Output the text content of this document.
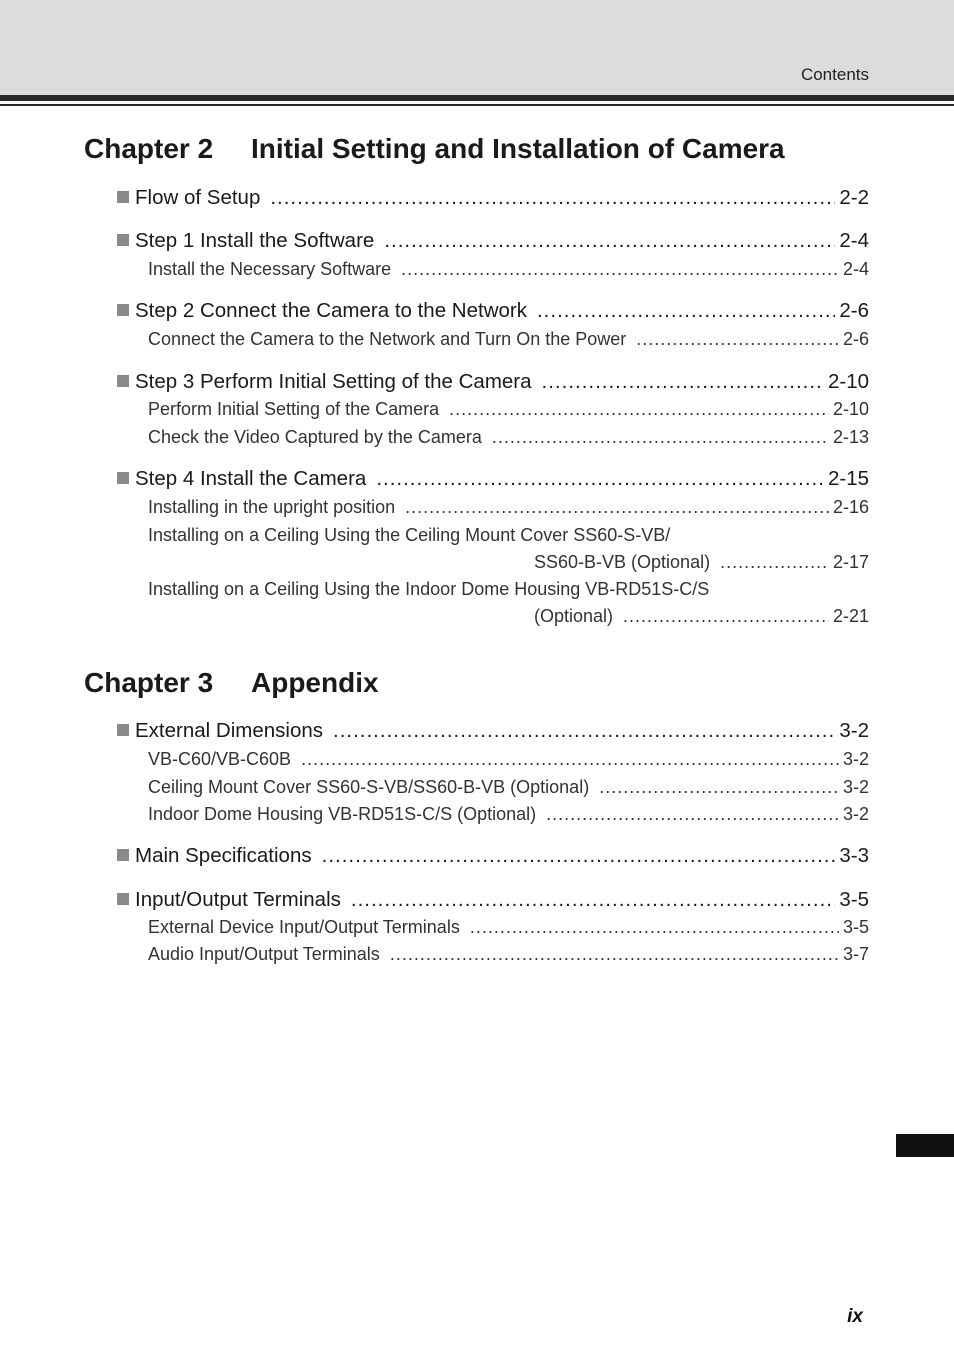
Contents
Chapter 2 Initial Setting and Installation of Camera
Flow of Setup .....	2-2
Step 1 Install the Software .....	2-4
Install the Necessary Software .....	2-4
Step 2 Connect the Camera to the Network .....	2-6
Connect the Camera to the Network and Turn On the Power .....	2-6
Step 3 Perform Initial Setting of the Camera .....	2-10
Perform Initial Setting of the Camera .....	2-10
Check the Video Captured by the Camera .....	2-13
Step 4 Install the Camera .....	2-15
Installing in the upright position .....	2-16
Installing on a Ceiling Using the Ceiling Mount Cover SS60-S-VB/
SS60-B-VB (Optional) .....	2-17
Installing on a Ceiling Using the Indoor Dome Housing VB-RD51S-C/S
(Optional) .....	2-21
Chapter 3 Appendix
External Dimensions .....	3-2
VB-C60/VB-C60B .....	3-2
Ceiling Mount Cover SS60-S-VB/SS60-B-VB (Optional) .....	3-2
Indoor Dome Housing VB-RD51S-C/S (Optional) .....	3-2
Main Specifications .....	3-3
Input/Output Terminals .....	3-5
External Device Input/Output Terminals .....	3-5
Audio Input/Output Terminals .....	3-7
ix
